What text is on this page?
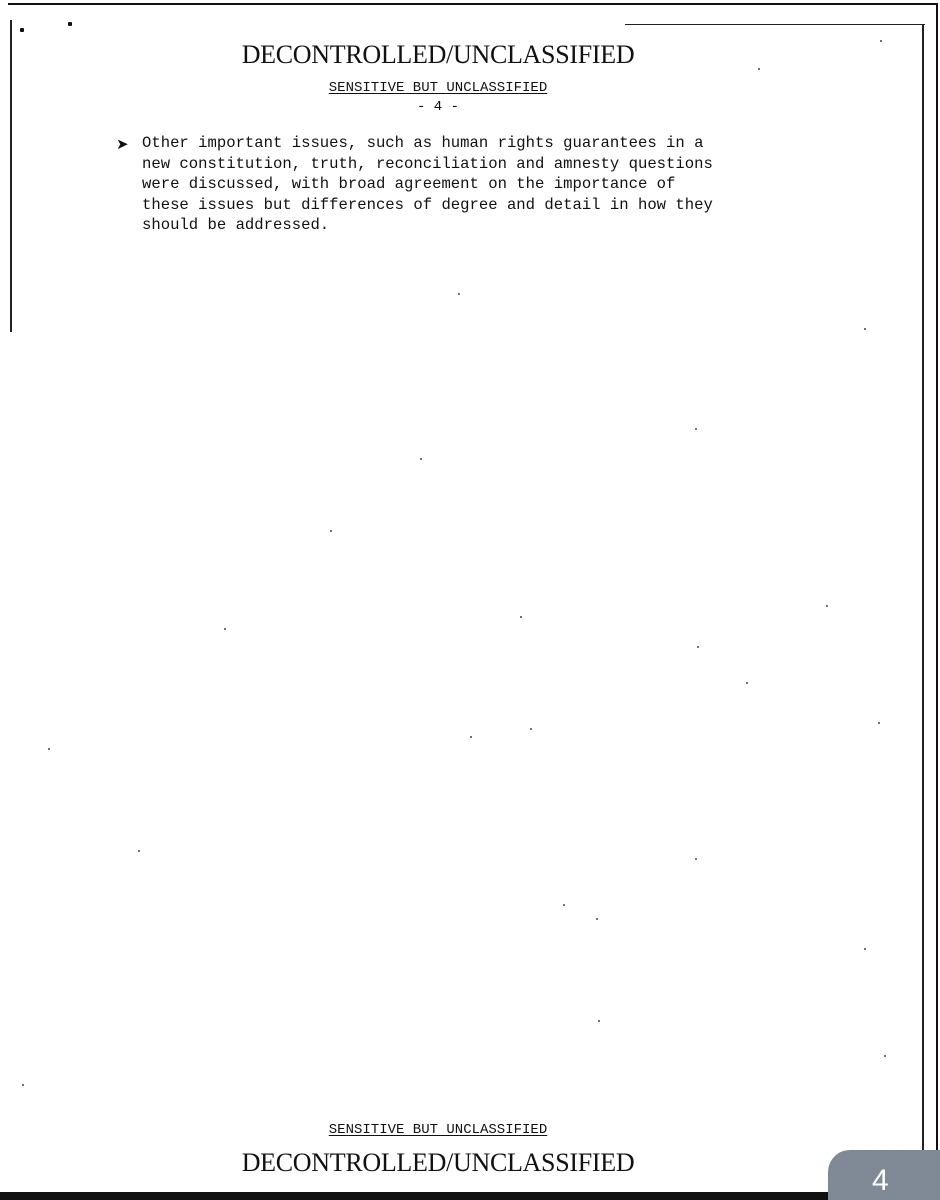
DECONTROLLED/UNCLASSIFIED
SENSITIVE BUT UNCLASSIFIED
- 4 -
➤ Other important issues, such as human rights guarantees in a
new constitution, truth, reconciliation and amnesty questions
were discussed, with broad agreement on the importance of
these issues but differences of degree and detail in how they
should be addressed.
SENSITIVE BUT UNCLASSIFIED
DECONTROLLED/UNCLASSIFIED
4
